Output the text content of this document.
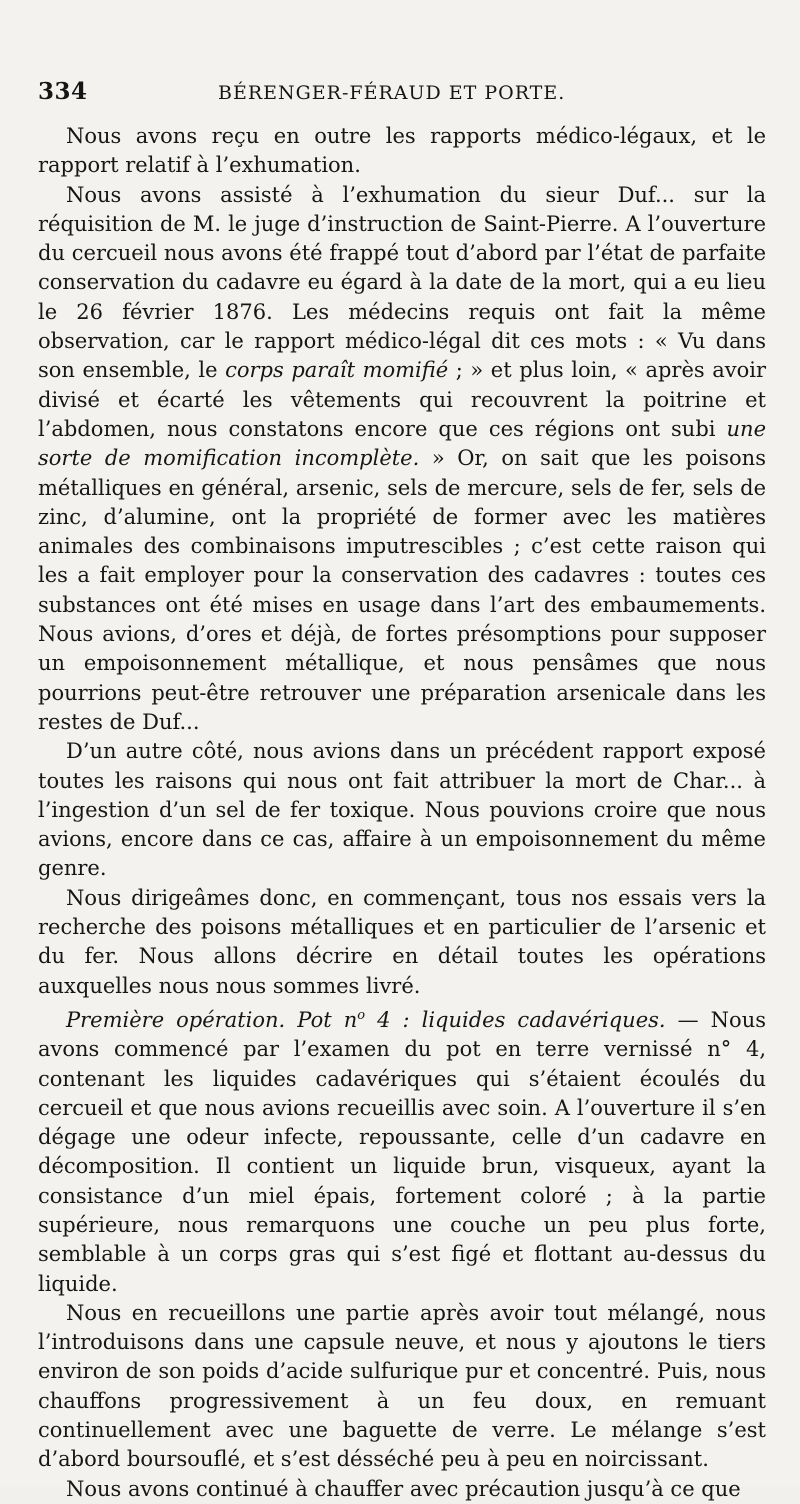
334	BÉRENGER-FÉRAUD ET PORTE.

Nous avons reçu en outre les rapports médico-légaux, et le rapport relatif à l’exhumation.

Nous avons assisté à l’exhumation du sieur Duf... sur la réquisition de M. le juge d’instruction de Saint-Pierre. A l’ouverture du cercueil nous avons été frappé tout d’abord par l’état de parfaite conservation du cadavre eu égard à la date de la mort, qui a eu lieu le 26 février 1876. Les médecins requis ont fait la même observation, car le rapport médico-légal dit ces mots : « Vu dans son ensemble, le corps paraît momifié ; » et plus loin, « après avoir divisé et écarté les vêtements qui recouvrent la poitrine et l’abdomen, nous constatons encore que ces régions ont subi une sorte de momification incomplète. » Or, on sait que les poisons métalliques en général, arsenic, sels de mercure, sels de fer, sels de zinc, d’alumine, ont la propriété de former avec les matières animales des combinaisons imputrescibles ; c’est cette raison qui les a fait employer pour la conservation des cadavres : toutes ces substances ont été mises en usage dans l’art des embaumements. Nous avions, d’ores et déjà, de fortes présomptions pour supposer un empoisonnement métallique, et nous pensâmes que nous pourrions peut-être retrouver une préparation arsenicale dans les restes de Duf...

D’un autre côté, nous avions dans un précédent rapport exposé toutes les raisons qui nous ont fait attribuer la mort de Char... à l’ingestion d’un sel de fer toxique. Nous pouvions croire que nous avions, encore dans ce cas, affaire à un empoisonnement du même genre.

Nous dirigeâmes donc, en commençant, tous nos essais vers la recherche des poisons métalliques et en particulier de l’arsenic et du fer. Nous allons décrire en détail toutes les opérations auxquelles nous nous sommes livré.

Première opération. Pot $n^o$ 4 : liquides cadavériques. — Nous avons commencé par l’examen du pot en terre vernissé n° 4, contenant les liquides cadavériques qui s’étaient écoulés du cercueil et que nous avions recueillis avec soin. A l’ouverture il s’en dégage une odeur infecte, repoussante, celle d’un cadavre en décomposition. Il contient un liquide brun, visqueux, ayant la consistance d’un miel épais, fortement coloré ; à la partie supérieure, nous remarquons une couche un peu plus forte, semblable à un corps gras qui s’est figé et flottant au-dessus du liquide.

Nous en recueillons une partie après avoir tout mélangé, nous l’introduisons dans une capsule neuve, et nous y ajoutons le tiers environ de son poids d’acide sulfurique pur et concentré. Puis, nous chauffons progressivement à un feu doux, en remuant continuellement avec une baguette de verre. Le mélange s’est d’abord boursouflé, et s’est désséché peu à peu en noircissant.

Nous avons continué à chauffer avec précaution jusqu’à ce que
